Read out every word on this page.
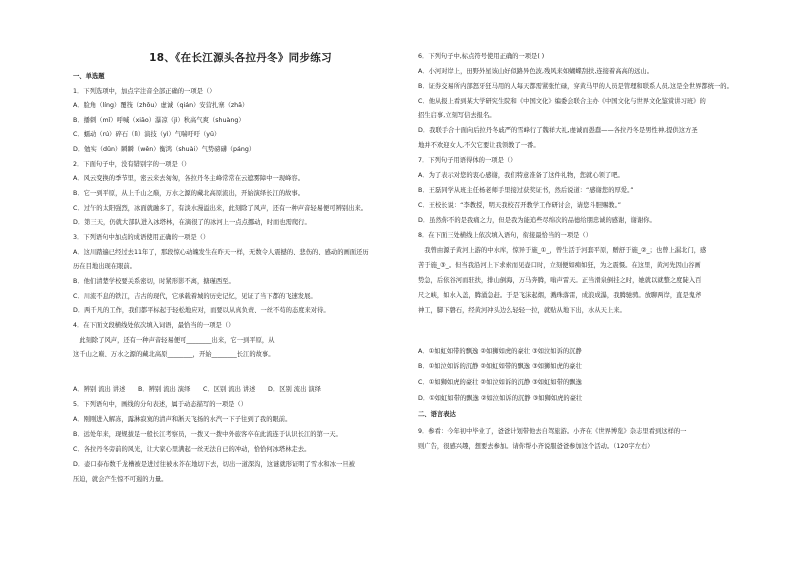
18、《在长江源头各拉丹冬》同步练习
一、单选题
1．下列选项中，加点字注音全部正确的一项是（）
A．脸角（líng）覆筏（zhōu）虚诚（qián）安营扎寨（zhā）
B．播刺（mǐ）呼喊（xiāo）瀑凉（jì）秋高气爽（shuàng）
C．蠕动（rú）碎石（lì）演技（yì）气喘吁吁（yū）
D．勉实（dǔn）瞬瞬（wěn）衡鸿（shuài）气势磅礴（páng）
2．下面句子中，没有错别字的一项是（）
A．风云变换的季节里，密云来去匆匆，各拉丹冬主峰常常在云遮雾障中一现峰容。
B．它一到平原，从上千山之巅，万水之源的藏北高原流出，开始演绎长江的故事。
C．过午的太阳强烈，冰面就融多了，有淡水漫溢出来，此刻除了风声，还有一种声音轻易便可辨别出来。
D．第三天，仍就大部队进入冰塔林，在滴很了的冰河上一点点挪动，时而也需爬行。
3．下列语句中加点的成语使用正确的一项是（）
A．这川踏遍已经过去11年了，那段惊心动魄发生在昨天一样，无数令人震撼的、悲伤的、感动的画面还历
历在目地出现在眼前。
B．他们清楚学校要关系密切，时紧形影不离，搪瑾西至。
C．川流不息的铁江，吉古的现代，它承载着城的历史记忆，见证了当下都的飞速发展。
D．两千凡的工作，我们都平标起于轻松地应对，而要以从真负责、一丝不苟的态度来对待。
4．在下面文段横线处依次填入词语，最恰当的一项是（）
　此刻除了风声，还有一种声音轻易便可________出来，它一到平原，从
这千山之巅、万水之源的藏北高原________，开始________长江的故事。
A．辨别 流出 讲述　　B．辨别 流出 演绎　　C．区别 流出 讲述　　D．区别 流出 演绎
5．下列语句中，画线的分句表述，属于动态描写的一项是（）
A．刚刚进入解冻，露淋寂寞的清声和淅天飞扬的水汽一下子往到了我的眼前。
B．远处年来，现规拔足一般长江考察员，一拨又一拨中外旅客卒在此流连于认识长江的第一天。
C．各拉丹冬旁前的风光，让大家心里满起一丝无法自已的冲动，恰恰何冰塔林走去。
D．壶口泰布数千龙槽被是进过往被永芥在地切下去，切出一道深沟，这谜就形证明了雪水和冰一旦被
压迫，就会产生惊不可遏的力量。
6．下列句子中,标点符号使用正确的一项是( )
A．小河对岸上，田野外星该山好似路异色波,残风来如蝴蝶刮扶,连接着高高的远山。
B．证券交易所内部怒牙狂马用的人每天都需紧张忙碌，穿黄马甲的人员是管理和联系人员,这是全世界都统一的。
C．他从报上看到某大学研究生院和《中国文化》编委会联合主办《中国文化与世界文化鉴赏讲习班》的
招生启事,立刻写信去报名。
D．我联手合十面向后拉丹冬戚严的雪峰行了魏祥大礼,虔诚而愚蠢——各拉丹冬是男性神,提供这方圣
地并不欢迎女人,不欠它要让我领教了一番。
7．下列句子用语得体的一项是（）
A．为了表示对您的衷心感谢，我们特意准备了这件礼物，您就心领了吧。
B．王磊同学从班主任杨老师手里接过获奖证书，然后说道：“感谢您的厚爱。”
C．王校长说：“李教授，明天我校召开教学工作研讨会，请您斗胆赐教。”
D．虽然你不的是我痛之力，但是我为能追些尽绵次的品德给朋忠诚的感谢，谢谢你。
8．在下面三处横线上依次填入语句，衔接最恰当的一项是（）
　我曾由源子黄河上游的中水库，惊异于施_①_，曾生活于河套平原，赠舒于施_②_；也曾上漏北门，感
苦于施_③_。但当我沿河上下求索而见壶口时，立刻便如痴如狂，为之震慑。在这里，黄河先因山谷画
势急，后依谷河而驻扶，排山倒海，万马奔腾，嗡声雷天。正当滑泉倒挂之时，她就以就整之度陡入百
尺之峡，如水入盖，腾涌急赶。于是飞沫起烟，溅珠落雷，成浪成瀑，我腾驰骋。放聊两岸，直是鬼斧
神工，脚下磐石，经黄河冲头边么轻轻一拉，就贴从地下出，水从天上来。
A．①如虹如带的飘逸 ②如狮如虎的豪壮 ③如泣如诉的沉静
B．①如泣如诉的沉静 ②如虹如带的飘逸 ③如狮如虎的豪壮
C．①如狮如虎的豪壮 ②如泣如诉的沉静 ③如虹如带的飘逸
D．①如虹如带的飘逸 ②如泣如诉的沉静 ③如狮如虎的豪壮
二、语言表达
9．参看：今年初中毕业了，爸爸计划带他去自驾旅游。小齐在《世界博览》杂志里看到这样的一
则广告，很感兴趣，想要去参加。请你帮小齐说服爸爸参加这个活动。（120字左右）
